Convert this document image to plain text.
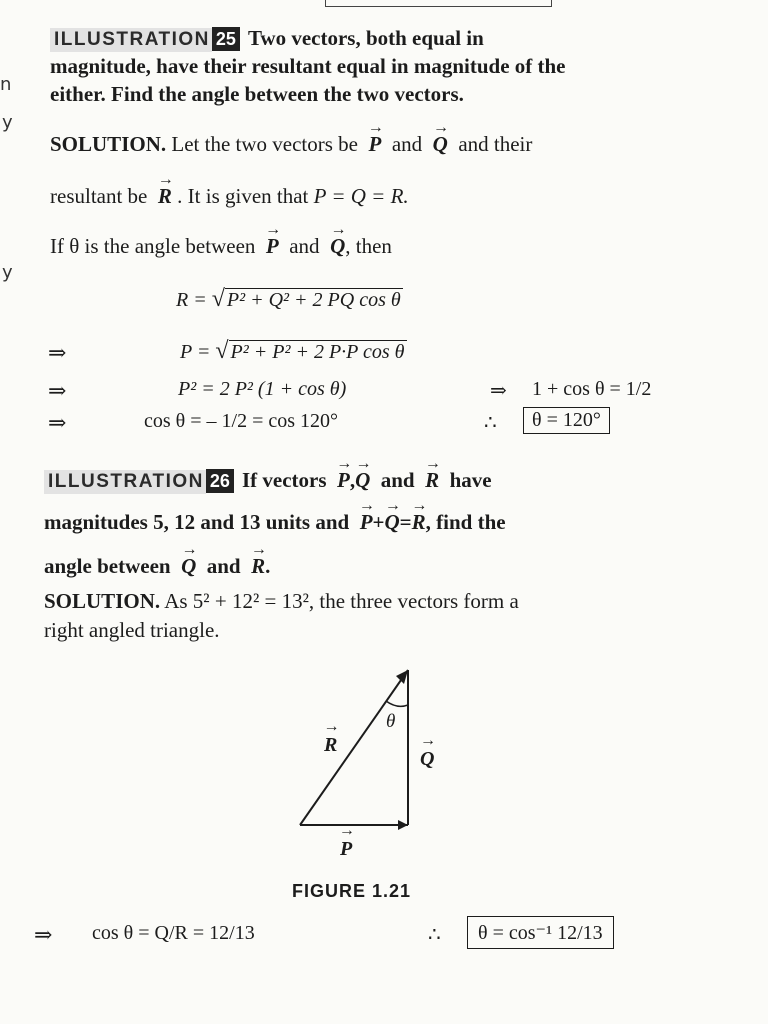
n
y
y
ILLUSTRATION 25 Two vectors, both equal in
magnitude, have their resultant equal in magnitude of the
either. Find the angle between the two vectors.
SOLUTION. Let the two vectors be → P and → Q and their
resultant be → R . It is given that P = Q = R.
If θ is the angle between → P and → Q, then
R = √ P² + Q² + 2 PQ cos θ
⇒	P = √ P² + P² + 2 P·P cos θ
⇒	P² = 2 P² (1 + cos θ)	⇒ 1 + cos θ = 1/2
⇒	cos θ = – 1/2 = cos 120°	∴	θ = 120°
ILLUSTRATION 26 If vectors → P,→ Q and → R have
magnitudes 5, 12 and 13 units and → P+→ Q=→ R, find the
angle between → Q and → R.
SOLUTION. As 5² + 12² = 13², the three vectors form a
right angled triangle.
θ
→ R
→ Q
→ P
FIGURE 1.21
⇒ cos θ = Q/R = 12/13	∴	θ = cos⁻¹ 12/13
